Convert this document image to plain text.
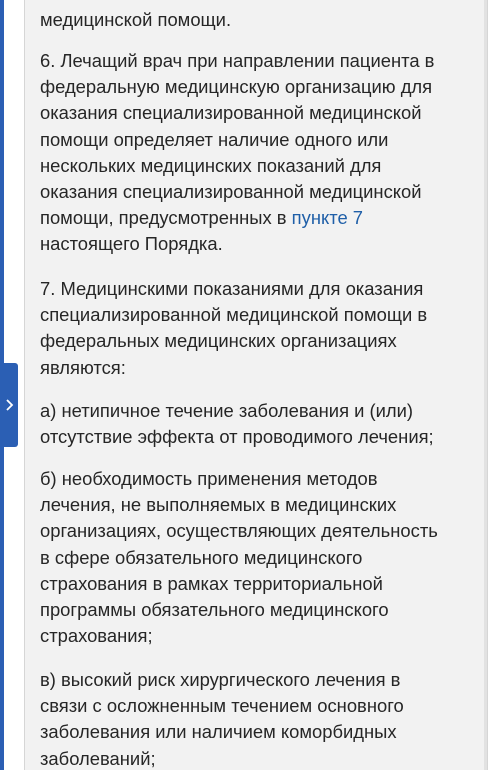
медицинской помощи.

6. Лечащий врач при направлении пациента в

федеральную медицинскую организацию для

оказания специализированной медицинской

помощи определяет наличие одного или

нескольких медицинских показаний для

оказания специализированной медицинской

помощи, предусмотренных в пункте 7

настоящего Порядка.

7. Медицинскими показаниями для оказания

специализированной медицинской помощи в

федеральных медицинских организациях

являются:

а) нетипичное течение заболевания и (или)

отсутствие эффекта от проводимого лечения;

б) необходимость применения методов

лечения, не выполняемых в медицинских

организациях, осуществляющих деятельность

в сфере обязательного медицинского

страхования в рамках территориальной

программы обязательного медицинского

страхования;

в) высокий риск хирургического лечения в

связи с осложненным течением основного

заболевания или наличием коморбидных

заболеваний;
